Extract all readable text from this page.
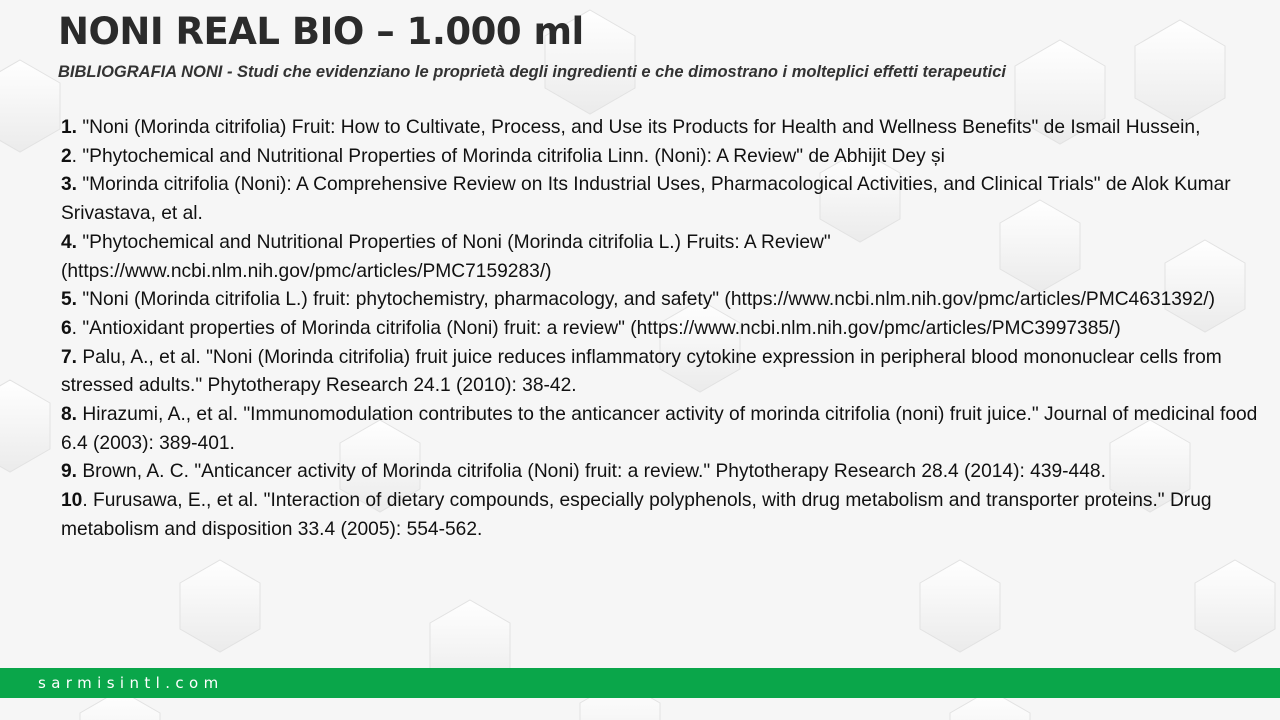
NONI REAL BIO – 1.000 ml

BIBLIOGRAFIA NONI - Studi che evidenziano le proprietà degli ingredienti e che dimostrano i molteplici effetti terapeutici

1. "Noni (Morinda citrifolia) Fruit: How to Cultivate, Process, and Use its Products for Health and Wellness Benefits" de Ismail Hussein,
2. "Phytochemical and Nutritional Properties of Morinda citrifolia Linn. (Noni): A Review" de Abhijit Dey și
3. "Morinda citrifolia (Noni): A Comprehensive Review on Its Industrial Uses, Pharmacological Activities, and Clinical Trials" de Alok Kumar Srivastava, et al.
4. "Phytochemical and Nutritional Properties of Noni (Morinda citrifolia L.) Fruits: A Review" (https://www.ncbi.nlm.nih.gov/pmc/articles/PMC7159283/)
5. "Noni (Morinda citrifolia L.) fruit: phytochemistry, pharmacology, and safety" (https://www.ncbi.nlm.nih.gov/pmc/articles/PMC4631392/)
6. "Antioxidant properties of Morinda citrifolia (Noni) fruit: a review" (https://www.ncbi.nlm.nih.gov/pmc/articles/PMC3997385/)
7. Palu, A., et al. "Noni (Morinda citrifolia) fruit juice reduces inflammatory cytokine expression in peripheral blood mononuclear cells from stressed adults." Phytotherapy Research 24.1 (2010): 38-42.
8. Hirazumi, A., et al. "Immunomodulation contributes to the anticancer activity of morinda citrifolia (noni) fruit juice." Journal of medicinal food 6.4 (2003): 389-401.
9. Brown, A. C. "Anticancer activity of Morinda citrifolia (Noni) fruit: a review." Phytotherapy Research 28.4 (2014): 439-448.
10. Furusawa, E., et al. "Interaction of dietary compounds, especially polyphenols, with drug metabolism and transporter proteins." Drug metabolism and disposition 33.4 (2005): 554-562.
sarmisintl.com
